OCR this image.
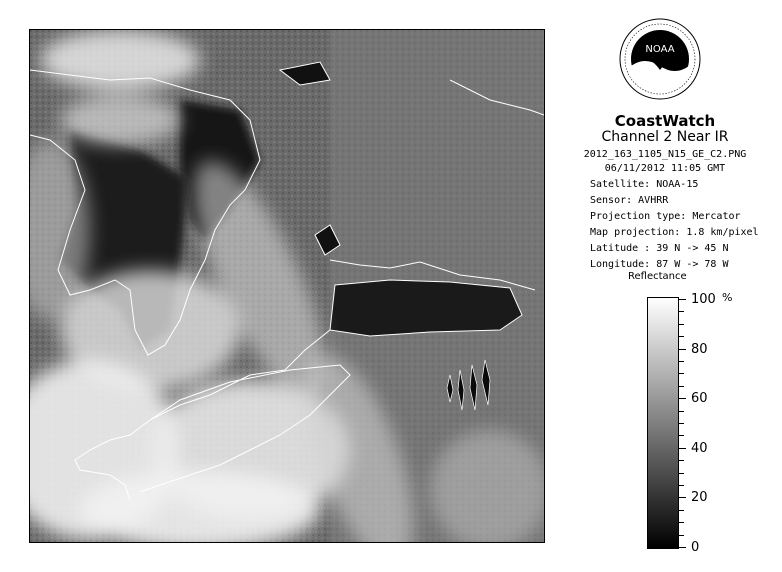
NOAA
CoastWatch
Channel 2 Near IR
2012_163_1105_N15_GE_C2.PNG
06/11/2012 11:05 GMT
Satellite: NOAA-15
Sensor: AVHRR
Projection type: Mercator
Map projection: 1.8 km/pixel
Latitude : 39 N -> 45 N
Longitude: 87 W -> 78 W
Reflectance
%
100
80
60
40
20
0
